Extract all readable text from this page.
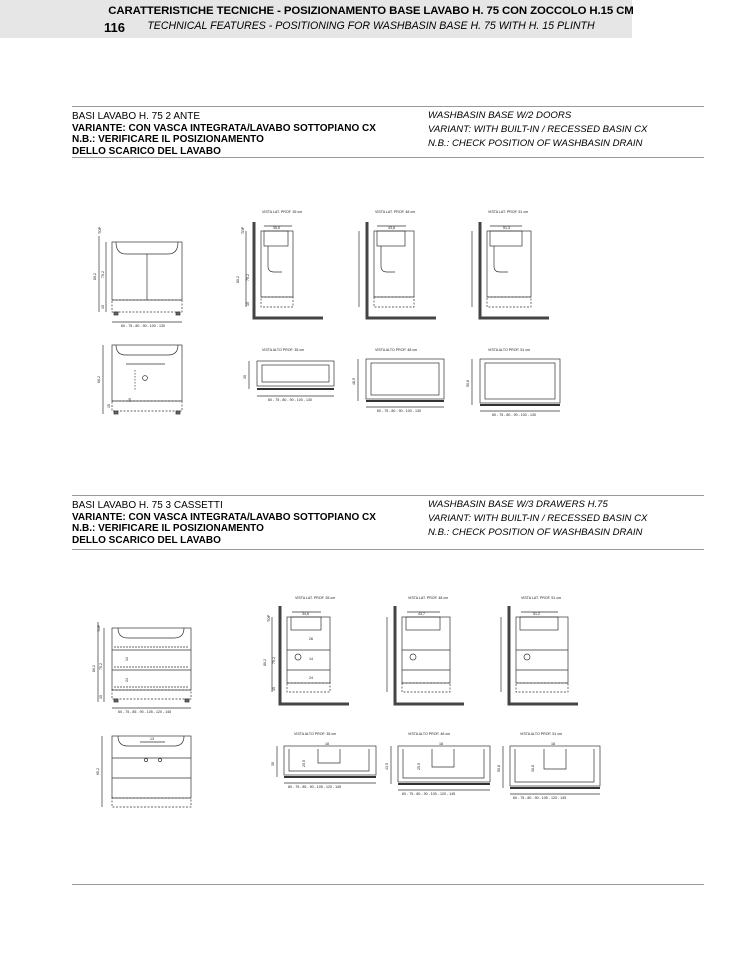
116
CARATTERISTICHE TECNICHE - POSIZIONAMENTO BASE LAVABO H. 75 CON ZOCCOLO H.15 CM
TECHNICAL FEATURES - POSITIONING FOR WASHBASIN BASE H. 75 WITH H. 15 PLINTH
BASI LAVABO H. 75 2 ANTE
VARIANTE: CON VASCA INTEGRATA/LAVABO SOTTOPIANO CX
N.B.: VERIFICARE IL POSIZIONAMENTO
DELLO SCARICO DEL LAVABO
WASHBASIN BASE W/2 DOORS
VARIANT: WITH BUILT-IN / RECESSED BASIN CX
N.B.: CHECK POSITION OF WASHBASIN DRAIN
TOP
80,2 75,2
15
60 - 75 - 80 - 90 - 100 - 130
66,2
15
20
VISTA LAT. PROF. 35 cm
35,5
VISTA LAT. PROF. 48 cm
43,8
VISTA LAT. PROF. 51 cm
51,3
TOP
80,2 75,2
15
VISTA ALTO PROF. 35 cm
35
60 - 75 - 80 - 90 - 100 - 130
VISTA ALTO PROF. 48 cm
48,5
60 - 75 - 80 - 90 - 100 - 130
VISTA ALTO PROF. 51 cm
50,8
60 - 75 - 80 - 90 - 100 - 130
TOP
80,2 75,2
15
14
24
60 - 75 - 85 - 90 - 105 - 120 - 145
65,2
13
VISTA LAT. PROF. 35 cm
34,6
VISTA LAT. PROF. 48 cm
43,7
VISTA LAT. PROF. 51 cm
51,2
TOP
80,2 75,2
15
26
14
24
VISTA ALTO PROF. 35 cm
35	20,5
18
60 - 75 - 85 - 90 - 105 - 120 - 145
VISTA ALTO PROF. 48 cm
43,5	25,5
18
60 - 75 - 80 - 90 - 100 - 120 - 145
VISTA ALTO PROF. 51 cm
50,8	30,8
18
60 - 75 - 80 - 90 - 105 - 120 - 145
BASI LAVABO H. 75 3 CASSETTI
VARIANTE: CON VASCA INTEGRATA/LAVABO SOTTOPIANO CX
N.B.: VERIFICARE IL POSIZIONAMENTO
DELLO SCARICO DEL LAVABO
WASHBASIN BASE W/3 DRAWERS H.75
VARIANT: WITH BUILT-IN / RECESSED BASIN CX
N.B.: CHECK POSITION OF WASHBASIN DRAIN
